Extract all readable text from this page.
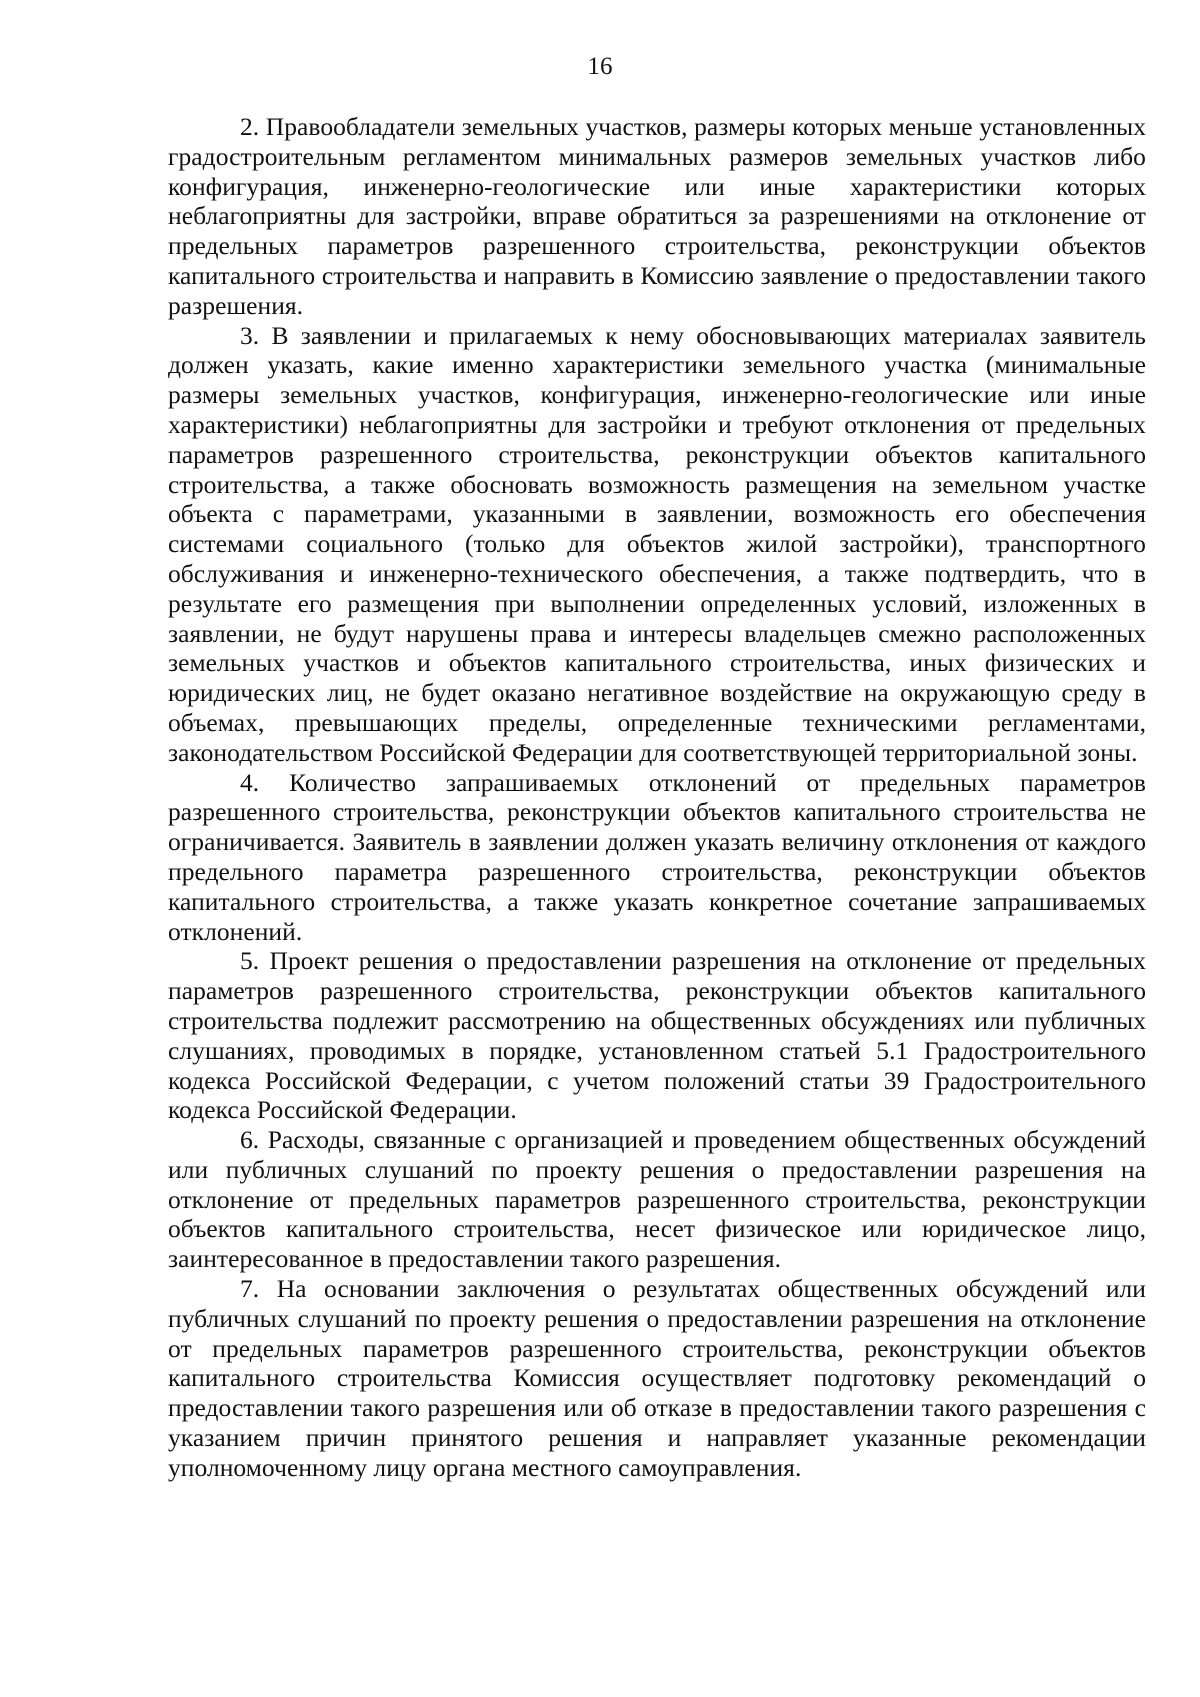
16

2. Правообладатели земельных участков, размеры которых меньше установленных градостроительным регламентом минимальных размеров земельных участков либо конфигурация, инженерно-геологические или иные характеристики которых неблагоприятны для застройки, вправе обратиться за разрешениями на отклонение от предельных параметров разрешенного строительства, реконструкции объектов капитального строительства и направить в Комиссию заявление о предоставлении такого разрешения.

3. В заявлении и прилагаемых к нему обосновывающих материалах заявитель должен указать, какие именно характеристики земельного участка (минимальные размеры земельных участков, конфигурация, инженерно-геологические или иные характеристики) неблагоприятны для застройки и требуют отклонения от предельных параметров разрешенного строительства, реконструкции объектов капитального строительства, а также обосновать возможность размещения на земельном участке объекта с параметрами, указанными в заявлении, возможность его обеспечения системами социального (только для объектов жилой застройки), транспортного обслуживания и инженерно-технического обеспечения, а также подтвердить, что в результате его размещения при выполнении определенных условий, изложенных в заявлении, не будут нарушены права и интересы владельцев смежно расположенных земельных участков и объектов капитального строительства, иных физических и юридических лиц, не будет оказано негативное воздействие на окружающую среду в объемах, превышающих пределы, определенные техническими регламентами, законодательством Российской Федерации для соответствующей территориальной зоны.

4. Количество запрашиваемых отклонений от предельных параметров разрешенного строительства, реконструкции объектов капитального строительства не ограничивается. Заявитель в заявлении должен указать величину отклонения от каждого предельного параметра разрешенного строительства, реконструкции объектов капитального строительства, а также указать конкретное сочетание запрашиваемых отклонений.

5. Проект решения о предоставлении разрешения на отклонение от предельных параметров разрешенного строительства, реконструкции объектов капитального строительства подлежит рассмотрению на общественных обсуждениях или публичных слушаниях, проводимых в порядке, установленном статьей 5.1 Градостроительного кодекса Российской Федерации, с учетом положений статьи 39 Градостроительного кодекса Российской Федерации.

6. Расходы, связанные с организацией и проведением общественных обсуждений или публичных слушаний по проекту решения о предоставлении разрешения на отклонение от предельных параметров разрешенного строительства, реконструкции объектов капитального строительства, несет физическое или юридическое лицо, заинтересованное в предоставлении такого разрешения.

7. На основании заключения о результатах общественных обсуждений или публичных слушаний по проекту решения о предоставлении разрешения на отклонение от предельных параметров разрешенного строительства, реконструкции объектов капитального строительства Комиссия осуществляет подготовку рекомендаций о предоставлении такого разрешения или об отказе в предоставлении такого разрешения с указанием причин принятого решения и направляет указанные рекомендации уполномоченному лицу органа местного самоуправления.
